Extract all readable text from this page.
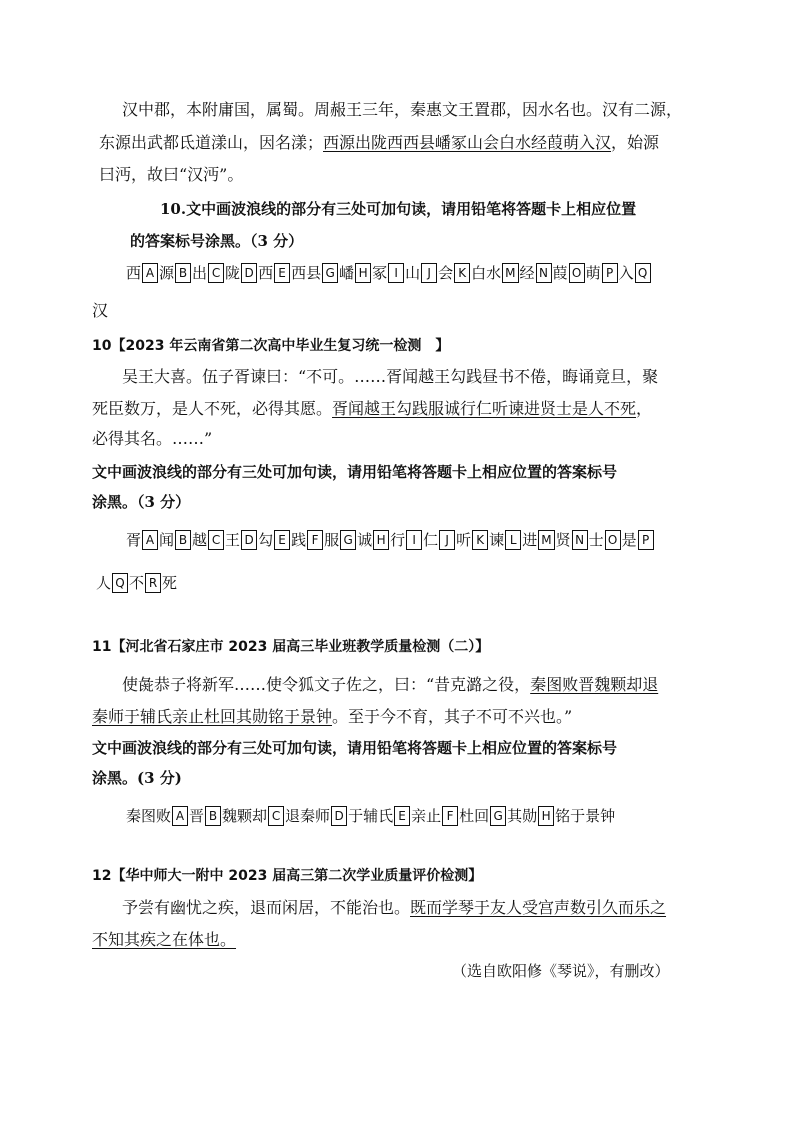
汉中郡，本附庸国，属蜀。周赧王三年，秦惠文王置郡，因水名也。汉有二源，
东源出武都氐道漾山，因名漾；西源出陇西西县嶓冢山会白水经葭萌入汉，始源
曰沔，故曰“汉沔”。
10.文中画波浪线的部分有三处可加句读，请用铅笔将答题卡上相应位置
的答案标号涂黑。（3 分）
西 A 源 B 出 C 陇 D 西 E 西县 G 嶓 H 冢 I 山 J 会 K 白水 M 经 N 葭 O 萌 P 入 Q
汉
10【2023 年云南省第二次高中毕业生复习统一检测　】
吴王大喜。伍子胥谏曰：“不可。……胥闻越王勾践昼书不倦，晦诵竟旦，聚
死臣数万，是人不死，必得其愿。胥闻越王勾践服诚行仁听谏进贤士是人不死，
必得其名。……”
文中画波浪线的部分有三处可加句读，请用铅笔将答题卡上相应位置的答案标号
涂黑。（3 分）
胥 A 闻 B 越 C 王 D 勾 E 践 F 服 G 诚 H 行 I 仁 J 听 K 谏 L 进 M 贤 N 士 O 是 P
人 Q 不 R 死
11【河北省石家庄市 2023 届高三毕业班教学质量检测（二）】
使彘恭子将新军……使令狐文子佐之，曰：“昔克潞之役，秦图败晋魏颗却退
秦师于辅氏亲止杜回其勋铭于景钟。至于今不育，其子不可不兴也。”
文中画波浪线的部分有三处可加句读，请用铅笔将答题卡上相应位置的答案标号
涂黑。(3 分)
秦图败 A 晋 B 魏颗却 C 退秦师 D 于辅氏 E 亲止 F 杜回 G 其勋 H 铭于景钟
12【华中师大一附中 2023 届高三第二次学业质量评价检测】
予尝有幽忧之疾，退而闲居，不能治也。既而学琴于友人受宫声数引久而乐之
不知其疾之在体也。
（选自欧阳修《琴说》，有删改）
